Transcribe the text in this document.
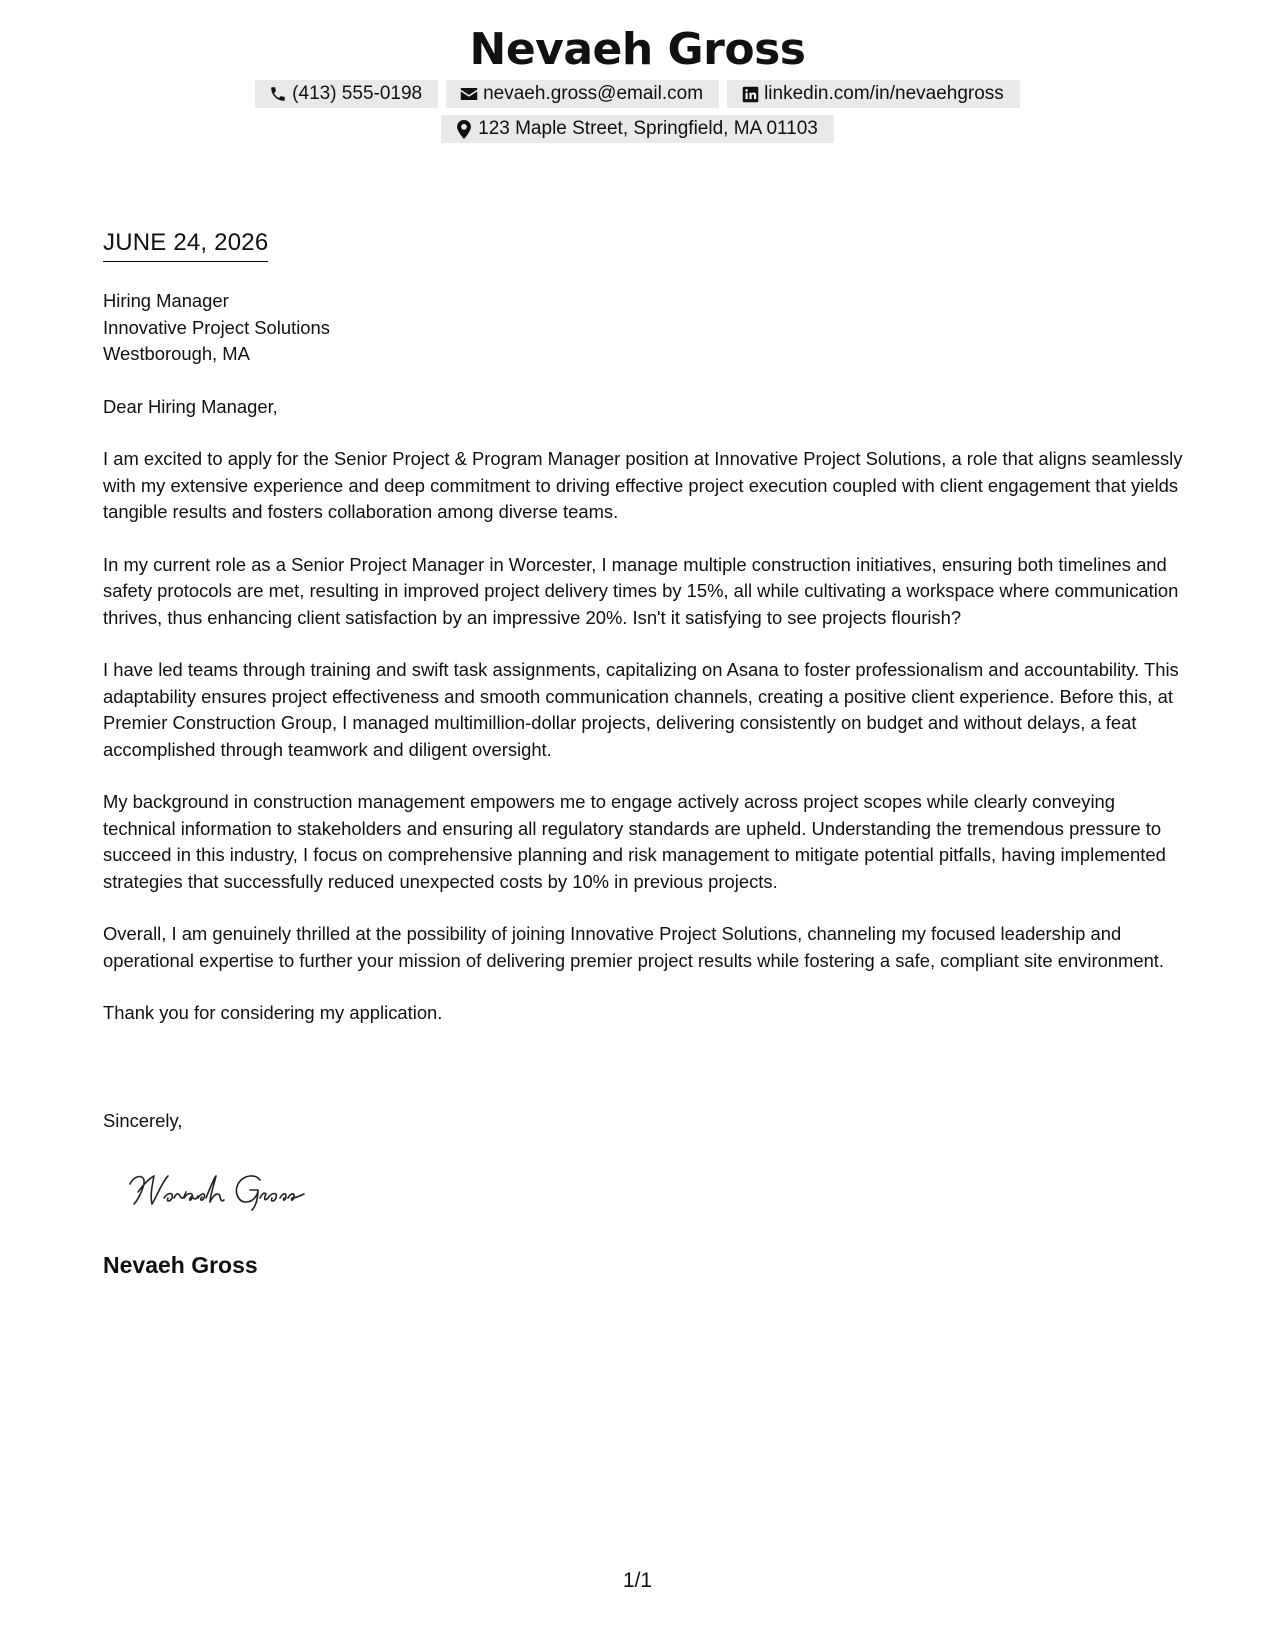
Nevaeh Gross
(413) 555-0198	nevaeh.gross@email.com	linkedin.com/in/nevaehgross
123 Maple Street, Springfield, MA 01103
JUNE 24, 2026

Hiring Manager

Innovative Project Solutions

Westborough, MA

Dear Hiring Manager,

I am excited to apply for the Senior Project & Program Manager position at Innovative Project Solutions, a role that aligns seamlessly with my extensive experience and deep commitment to driving effective project execution coupled with client engagement that yields tangible results and fosters collaboration among diverse teams.

In my current role as a Senior Project Manager in Worcester, I manage multiple construction initiatives, ensuring both timelines and safety protocols are met, resulting in improved project delivery times by 15%, all while cultivating a workspace where communication thrives, thus enhancing client satisfaction by an impressive 20%. Isn't it satisfying to see projects flourish?

I have led teams through training and swift task assignments, capitalizing on Asana to foster professionalism and accountability. This adaptability ensures project effectiveness and smooth communication channels, creating a positive client experience. Before this, at Premier Construction Group, I managed multimillion-dollar projects, delivering consistently on budget and without delays, a feat accomplished through teamwork and diligent oversight.

My background in construction management empowers me to engage actively across project scopes while clearly conveying technical information to stakeholders and ensuring all regulatory standards are upheld. Understanding the tremendous pressure to succeed in this industry, I focus on comprehensive planning and risk management to mitigate potential pitfalls, having implemented strategies that successfully reduced unexpected costs by 10% in previous projects.

Overall, I am genuinely thrilled at the possibility of joining Innovative Project Solutions, channeling my focused leadership and operational expertise to further your mission of delivering premier project results while fostering a safe, compliant site environment.

Thank you for considering my application.

Sincerely,
Nevaeh Gross
1/1
